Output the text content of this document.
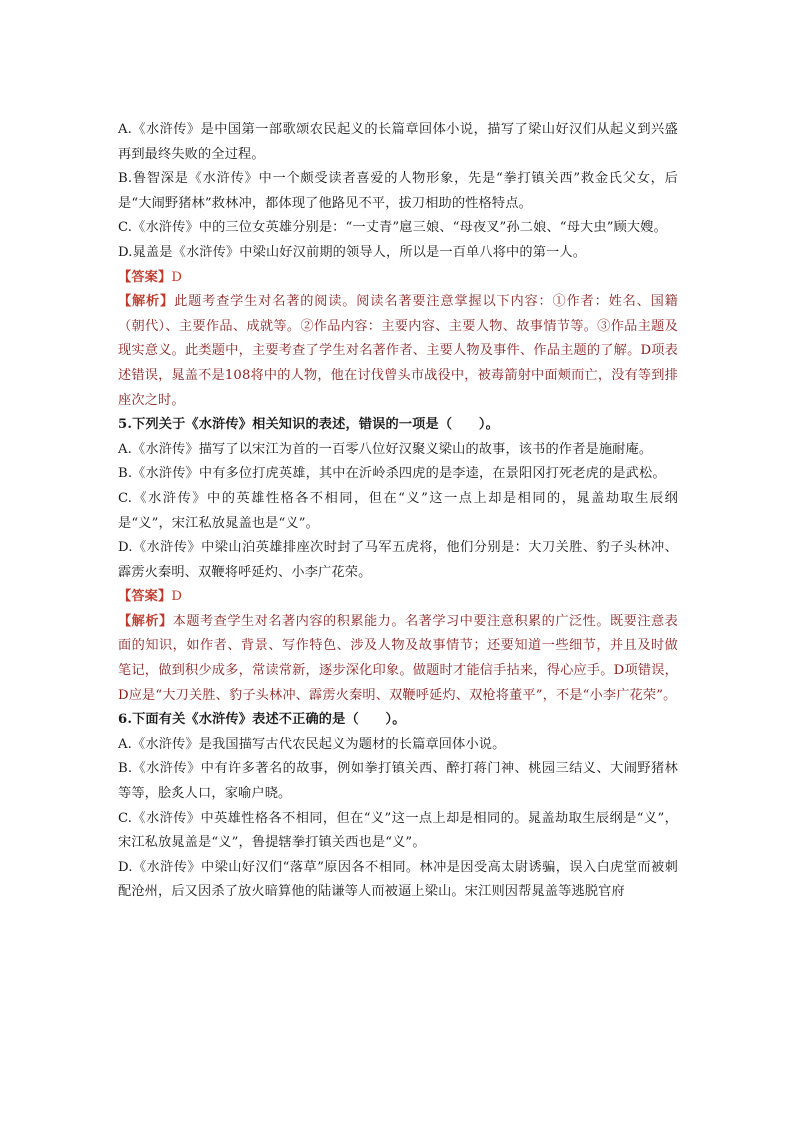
A.《水浒传》是中国第一部歌颂农民起义的长篇章回体小说，描写了梁山好汉们从起义到兴盛再到最终失败的全过程。

B.鲁智深是《水浒传》中一个颇受读者喜爱的人物形象，先是“拳打镇关西”救金氏父女，后是“大闹野猪林”救林冲，都体现了他路见不平，拔刀相助的性格特点。

C.《水浒传》中的三位女英雄分别是：“一丈青”扈三娘、“母夜叉”孙二娘、“母大虫”顾大嫂。

D.晁盖是《水浒传》中梁山好汉前期的领导人，所以是一百单八将中的第一人。

【答案】D

【解析】此题考查学生对名著的阅读。阅读名著要注意掌握以下内容：①作者：姓名、国籍（朝代）、主要作品、成就等。②作品内容：主要内容、主要人物、故事情节等。③作品主题及现实意义。此类题中，主要考查了学生对名著作者、主要人物及事件、作品主题的了解。D项表述错误，晁盖不是108将中的人物，他在讨伐曾头市战役中，被毒箭射中面颊而亡，没有等到排座次之时。

5.下列关于《水浒传》相关知识的表述，错误的一项是（　　）。

A.《水浒传》描写了以宋江为首的一百零八位好汉聚义梁山的故事，该书的作者是施耐庵。

B.《水浒传》中有多位打虎英雄，其中在沂岭杀四虎的是李逵，在景阳冈打死老虎的是武松。

C.《水浒传》中的英雄性格各不相同，但在“义”这一点上却是相同的，晁盖劫取生辰纲是“义”，宋江私放晁盖也是“义”。

D.《水浒传》中梁山泊英雄排座次时封了马军五虎将，他们分别是：大刀关胜、豹子头林冲、霹雳火秦明、双鞭将呼延灼、小李广花荣。

【答案】D

【解析】本题考查学生对名著内容的积累能力。名著学习中要注意积累的广泛性。既要注意表面的知识，如作者、背景、写作特色、涉及人物及故事情节；还要知道一些细节，并且及时做笔记，做到积少成多，常读常新，逐步深化印象。做题时才能信手拈来，得心应手。D项错误，D应是“大刀关胜、豹子头林冲、霹雳火秦明、双鞭呼延灼、双枪将董平”，不是“小李广花荣”。

6.下面有关《水浒传》表述不正确的是（　　）。

A.《水浒传》是我国描写古代农民起义为题材的长篇章回体小说。

B.《水浒传》中有许多著名的故事，例如拳打镇关西、醉打蒋门神、桃园三结义、大闹野猪林等等，脍炙人口，家喻户晓。

C.《水浒传》中英雄性格各不相同，但在“义”这一点上却是相同的。晁盖劫取生辰纲是“义”，宋江私放晁盖是“义”，鲁提辖拳打镇关西也是“义”。

D.《水浒传》中梁山好汉们“落草”原因各不相同。林冲是因受高太尉诱骗，误入白虎堂而被刺配沧州，后又因杀了放火暗算他的陆谦等人而被逼上梁山。宋江则因帮晁盖等逃脱官府
